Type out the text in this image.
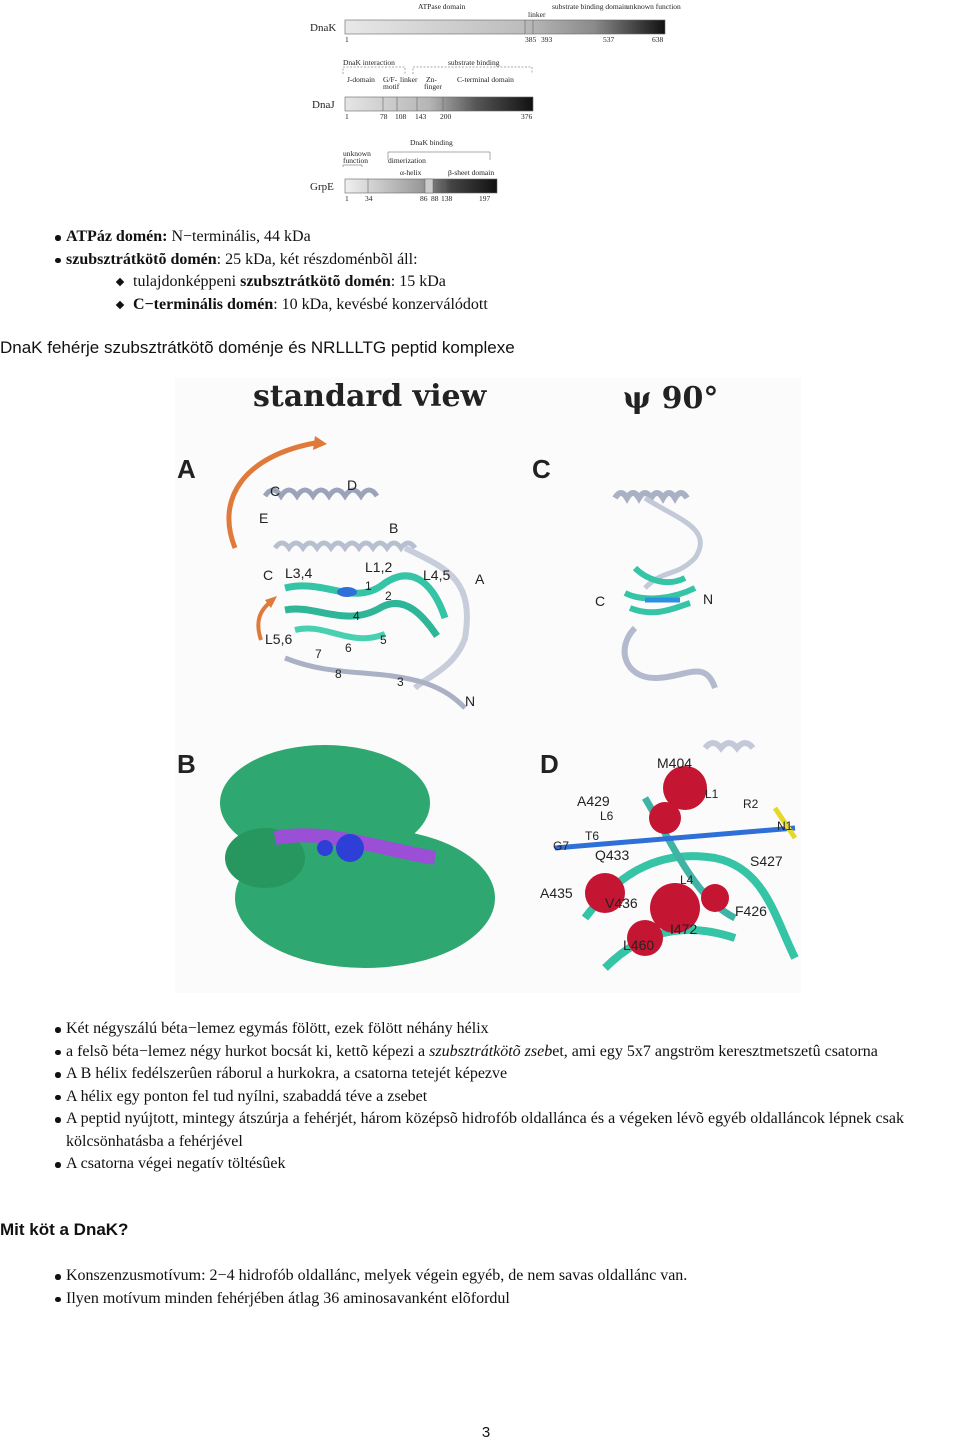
DnaK
ATPase domain
linker
substrate binding domain
unknown function
1	385 393	537	638
DnaK interaction	substrate binding
J-domain G/F-
motif
linker Zn-
finger
C-terminal domain
DnaJ
1	78 108 143 200	376
DnaK binding
unknown
function	dimerization
α-helix	β-sheet domain
GrpE
1 34	86 88 138	197
ATPáz domén: N−terminális, 44 kDa
szubsztrátkötõ domén: 25 kDa, két részdoménbõl áll:
tulajdonképpeni szubsztrátkötõ domén: 15 kDa
C−terminális domén: 10 kDa, kevésbé konzerválódott
DnaK fehérje szubsztrátkötõ doménje és NRLLLTG peptid komplexe
standard view	ψ 90°
A
C	D
E
B
C L3,4	L1,2 L4,5 A
1
2
4
5
L5,6
6
7
8
3
N
C
C	N
B	D	M404
A429
L6
L1
R2
N1
G7
T6
Q433	S427
A435
L4
F426
V436
I472
L460
Két négyszálú béta−lemez egymás fölött, ezek fölött néhány hélix
a felsõ béta−lemez négy hurkot bocsát ki, kettõ képezi a szubsztrátkötõ zsebet, ami egy 5x7 angström keresztmetszetû csatorna
A B hélix fedélszerûen ráborul a hurkokra, a csatorna tetejét képezve
A hélix egy ponton fel tud nyílni, szabaddá téve a zsebet
A peptid nyújtott, mintegy átszúrja a fehérjét, három középsõ hidrofób oldallánca és a végeken lévõ egyéb oldalláncok lépnek csak kölcsönhatásba a fehérjével
A csatorna végei negatív töltésûek
Mit köt a DnaK?
Konszenzusmotívum: 2−4 hidrofób oldallánc, melyek végein egyéb, de nem savas oldallánc van.
Ilyen motívum minden fehérjében átlag 36 aminosavanként elõfordul
3
